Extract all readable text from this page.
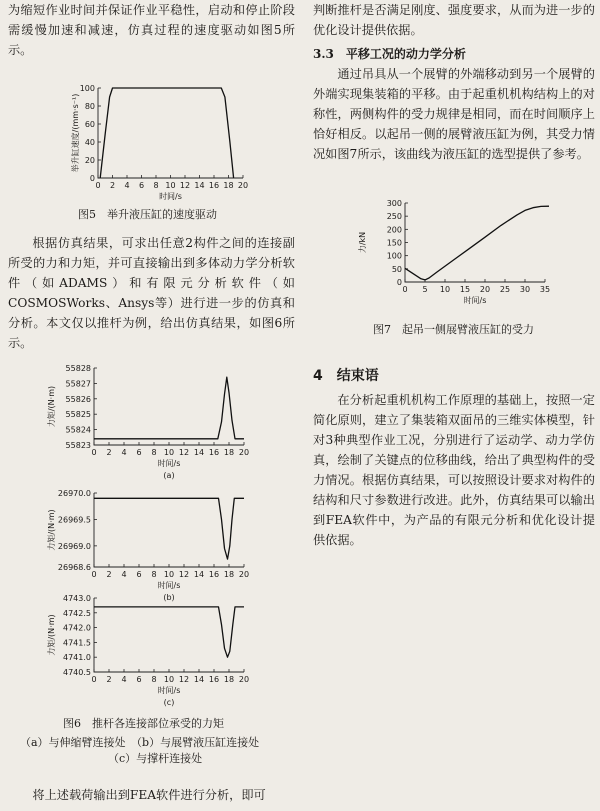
为缩短作业时间并保证作业平稳性，启动和停止阶段需缓慢加速和减速，仿真过程的速度驱动如图5所示。

0 2 4 6 8 10 12 14 16 18 20
0
20
40
60
80
100
时间/s
举升缸速度/(mm·s⁻¹)
图5　举升液压缸的速度驱动

根据仿真结果，可求出任意2构件之间的连接副所受的力和力矩，并可直接输出到多体动力学分析软件（如ADAMS）和有限元分析软件（如COSMOSWorks、Ansys等）进行进一步的仿真和分析。本文仅以推杆为例，给出仿真结果，如图6所示。

0 2 4 6 8 10 12 14 16 18 20
55823
55824
55825
55826
55827
55828
时间/s
力矩/(N·m)
(a)
0 2 4 6 8 10 12 14 16 18 20
26968.6
26969.0
26969.5
26970.0
时间/s
力矩/(N·m)
(b)
0 2 4 6 8 10 12 14 16 18 20
4740.5
4741.0
4741.5
4742.0
4742.5
4743.0
时间/s
力矩/(N·m)
(c)
图6　推杆各连接部位承受的力矩
（a）与伸缩臂连接处　（b）与展臂液压缸连接处
（c）与撑杆连接处

将上述载荷输出到FEA软件进行分析，即可

判断推杆是否满足刚度、强度要求，从而为进一步的优化设计提供依据。

3.3　平移工况的动力学分析

通过吊具从一个展臂的外端移动到另一个展臂的外端实现集装箱的平移。由于起重机机构结构上的对称性，两侧构件的受力规律是相同，而在时间顺序上恰好相反。以起吊一侧的展臂液压缸为例，其受力情况如图7所示，该曲线为液压缸的选型提供了参考。

0 5 10 15 20 25 30 35
0
50
100
150
200
250
300
时间/s
力/kN
图7　起吊一侧展臂液压缸的受力
4　结束语

在分析起重机机构工作原理的基础上，按照一定简化原则，建立了集装箱双面吊的三维实体模型，针对3种典型作业工况，分别进行了运动学、动力学仿真，绘制了关键点的位移曲线，给出了典型构件的受力情况。根据仿真结果，可以按照设计要求对构件的结构和尺寸参数进行改进。此外，仿真结果可以输出到FEA软件中，为产品的有限元分析和优化设计提供依据。
